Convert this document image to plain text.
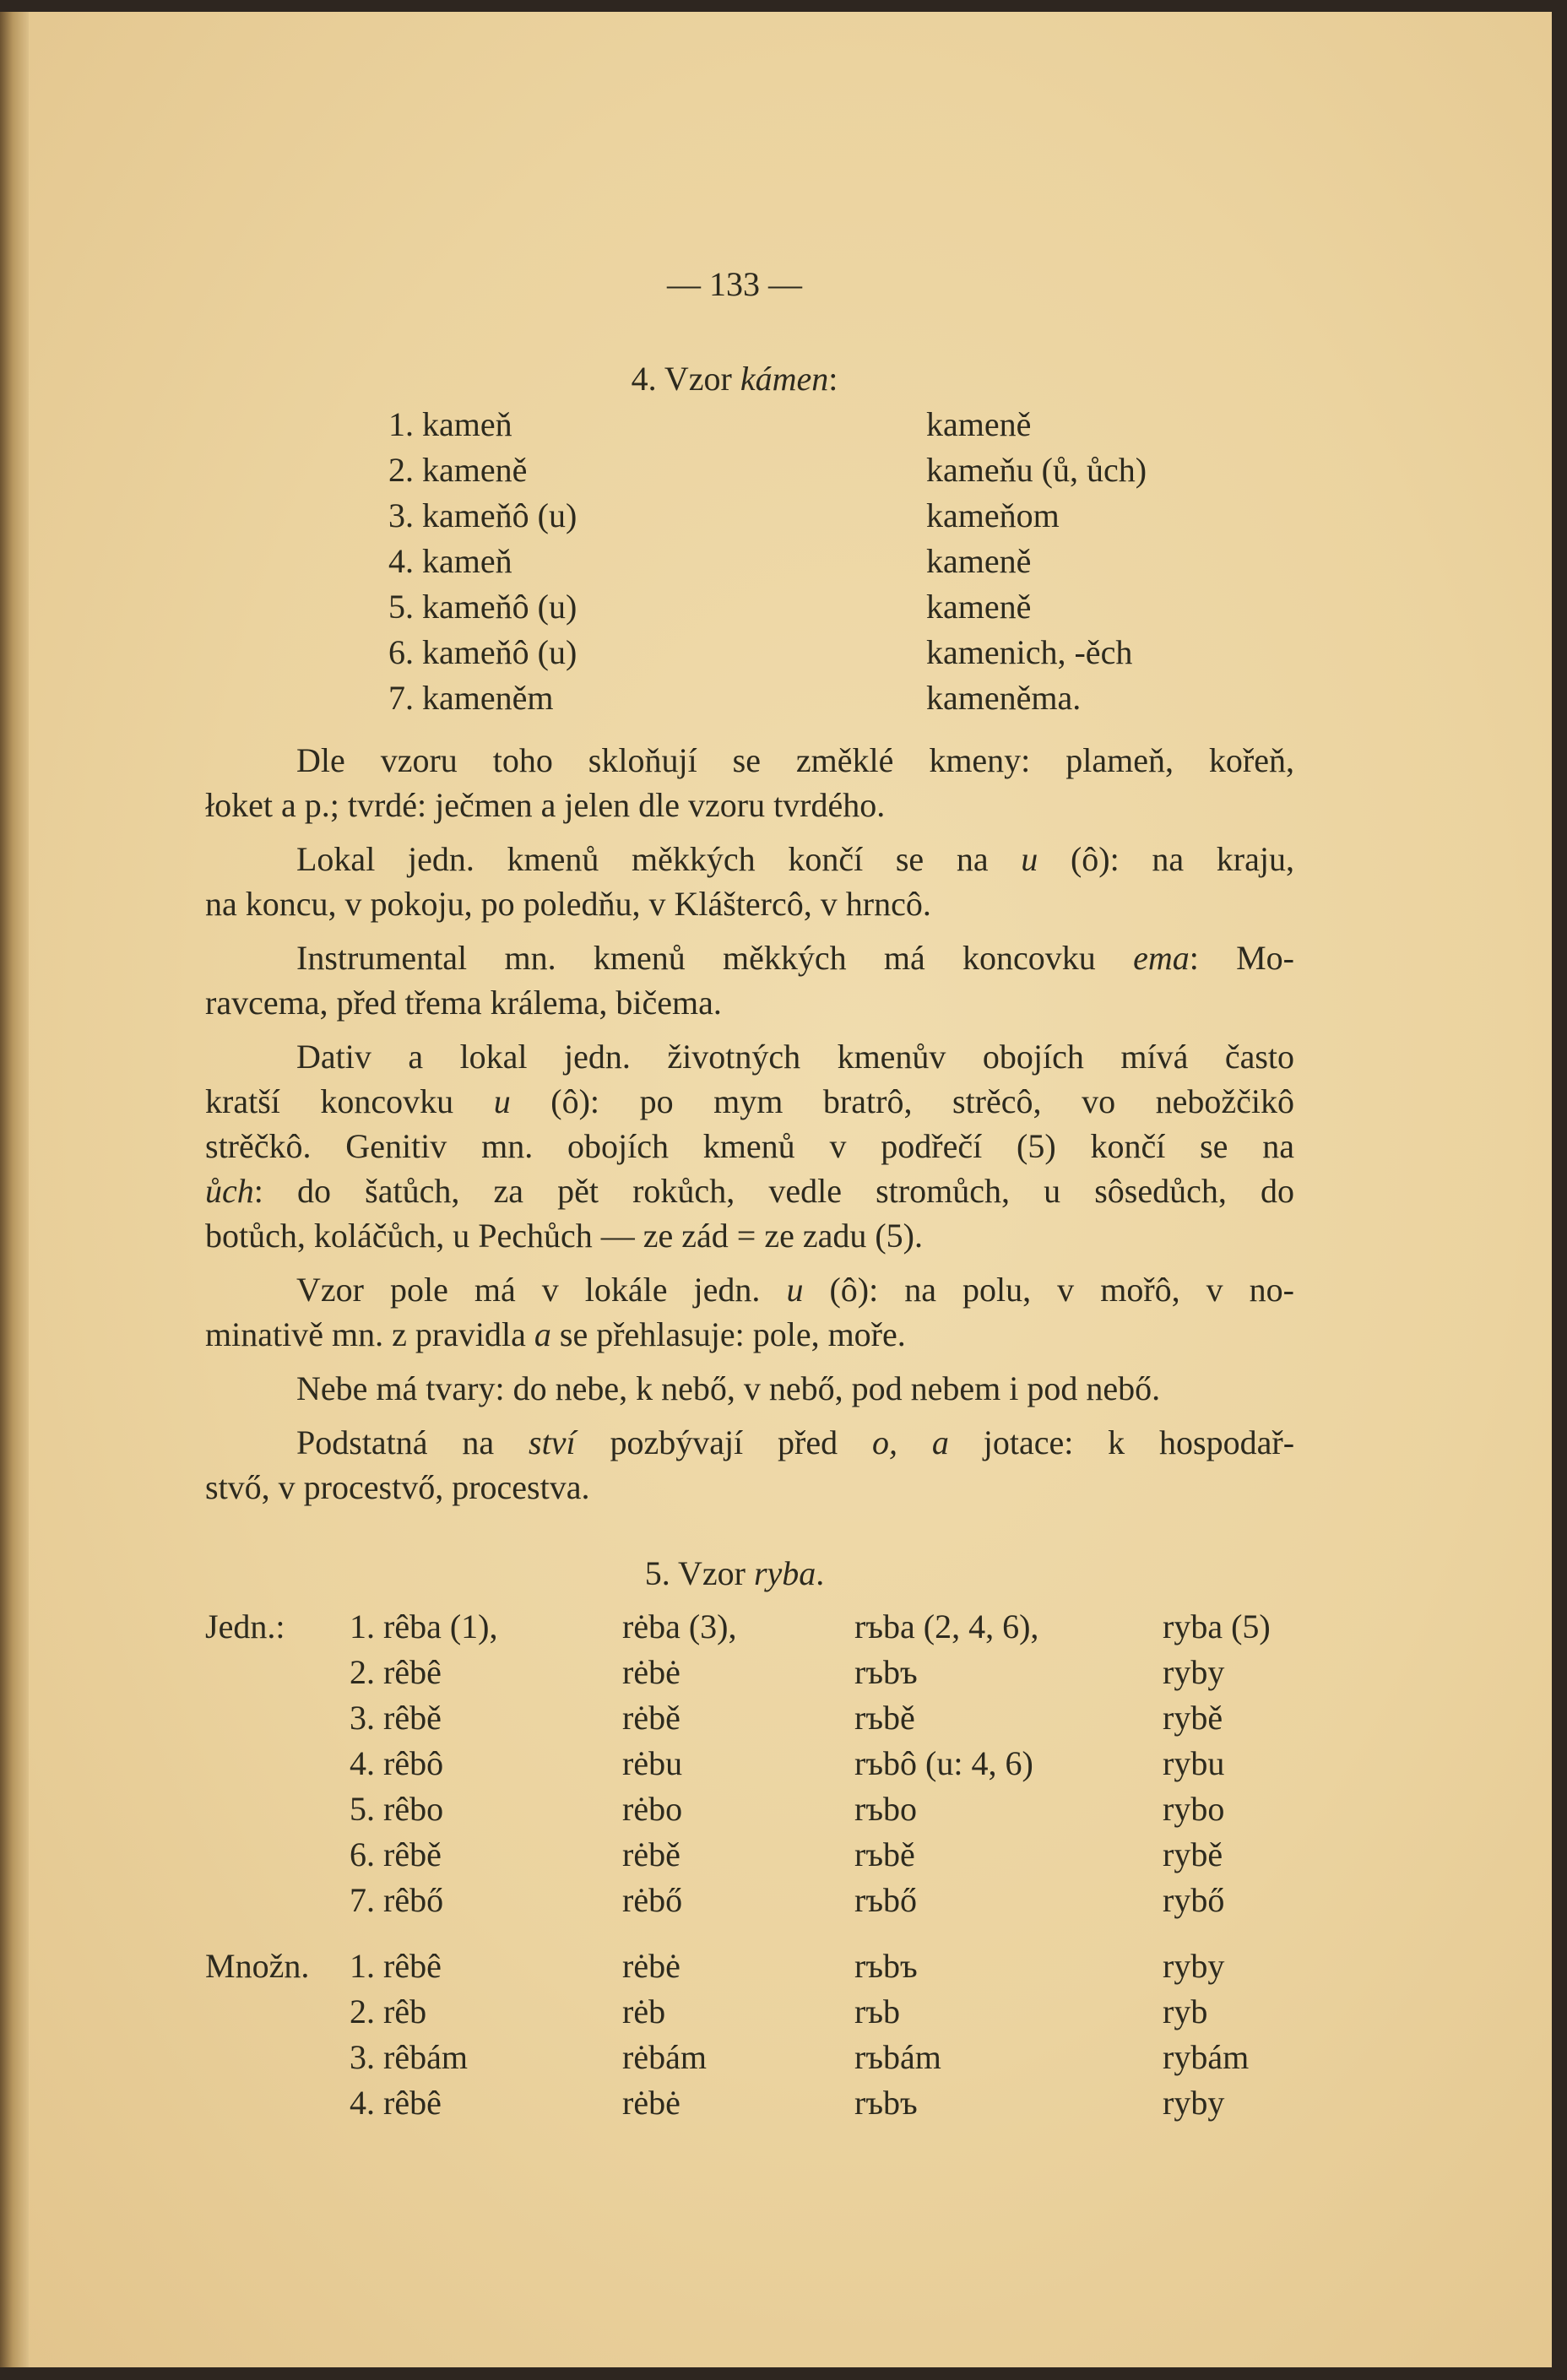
— 133 —
4. Vzor kámen:
1. kameň	kameně
2. kameně	kameňu (ů, ůch)
3. kameňô (u)	kameňom
4. kameň	kameně
5. kameňô (u)	kameně
6. kameňô (u)	kamenich, -ěch
7. kameněm	kameněma.
Dle vzoru toho skloňují se změklé kmeny: plameň, kořeň,
łoket a p.; tvrdé: ječmen a jelen dle vzoru tvrdého.
Lokal jedn. kmenů měkkých končí se na u (ô): na kraju,
na koncu, v pokoju, po poledňu, v Kláštercô, v hrncô.
Instrumental mn. kmenů měkkých má koncovku ema: Mo-
ravcema, před třema králema, bičema.
Dativ a lokal jedn. životných kmenův obojích mívá často
kratší koncovku u (ô): po mym bratrô, strěcô, vo nebožčikô
strěčkô. Genitiv mn. obojích kmenů v podřečí (5) končí se na
ůch: do šatůch, za pět rokůch, vedle stromůch, u sôsedůch, do
botůch, koláčůch, u Pechůch — ze zád = ze zadu (5).
Vzor pole má v lokále jedn. u (ô): na polu, v mořô, v no-
minativě mn. z pravidla a se přehlasuje: pole, moře.
Nebe má tvary: do nebe, k nebő, v nebő, pod nebem i pod nebő.
Podstatná na ství pozbývají před o, a jotace: k hospodař-
stvő, v procestvő, procestva.
5. Vzor ryba.
Jedn.: 1. rêba (1),	rėba (3),	rъba (2, 4, 6),	ryba (5)
2. rêbê	rėbė	rъbъ	ryby
3. rêbě	rėbě	rъbě	rybě
4. rêbô	rėbu	rъbô (u: 4, 6)	rybu
5. rêbo	rėbo	rъbo	rybo
6. rêbě	rėbě	rъbě	rybě
7. rêbő	rėbő	rъbő	rybő
Množn. 1. rêbê	rėbė	rъbъ	ryby
2. rêb	rėb	rъb	ryb
3. rêbám	rėbám	rъbám	rybám
4. rêbê	rėbė	rъbъ	ryby
